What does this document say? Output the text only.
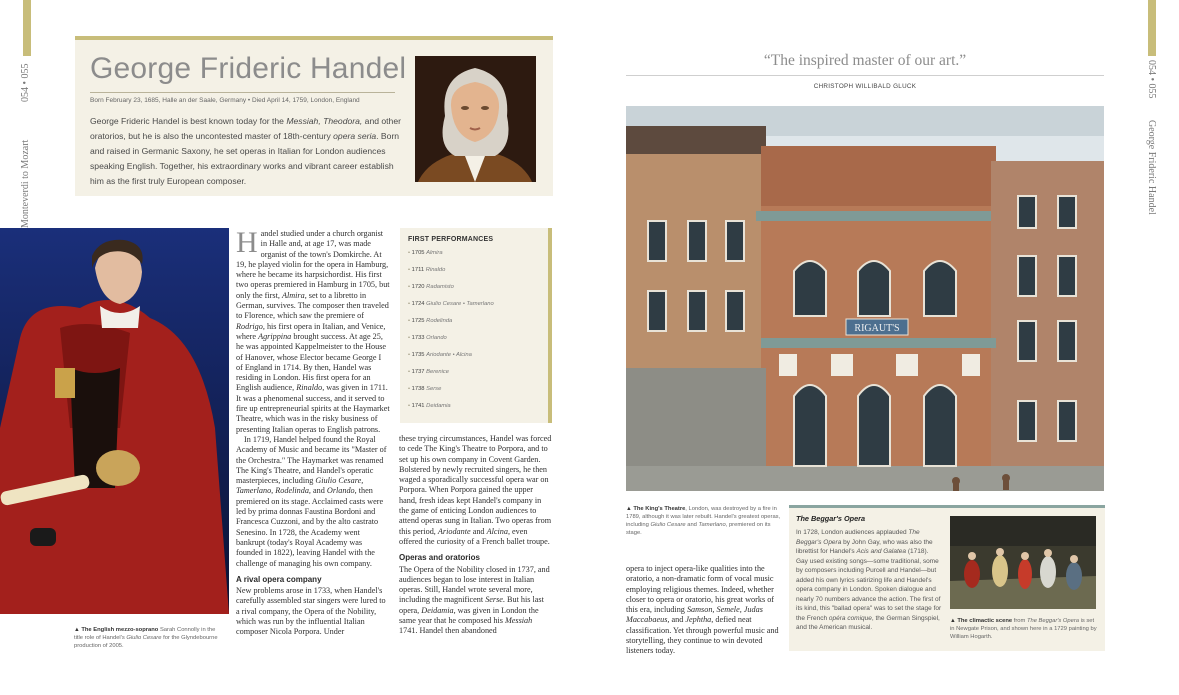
054 • 055
Monteverdi to Mozart
054 • 055
George Frideric Handel
George Frideric Handel
Born February 23, 1685, Halle an der Saale, Germany • Died April 14, 1759, London, England
George Frideric Handel is best known today for the Messiah, Theodora, and other oratorios, but he is also the uncontested master of 18th-century opera seria. Born and raised in Germanic Saxony, he set operas in Italian for London audiences speaking English. Together, his extraordinary works and vibrant career establish him as the first truly European composer.
▲ The English mezzo-soprano Sarah Connolly in the title role of Handel's Giulio Cesare for the Glyndebourne production of 2005.

Handel studied under a church organist in Halle and, at age 17, was made organist of the town's Domkirche. At 19, he played violin for the opera in Hamburg, where he became its harpsichordist. His first two operas premiered in Hamburg in 1705, but only the first, Almira, set to a libretto in German, survives. The composer then traveled to Florence, which saw the premiere of Rodrigo, his first opera in Italian, and Venice, where Agrippina brought success. At age 25, he was appointed Kappelmeister to the House of Hanover, whose Elector became George I of England in 1714. By then, Handel was residing in London. His first opera for an English audience, Rinaldo, was given in 1711. It was a phenomenal success, and it served to fire up entrepreneurial spirits at the Haymarket Theatre, which was in the risky business of presenting Italian operas to English patrons.

In 1719, Handel helped found the Royal Academy of Music and became its "Master of the Orchestra." The Haymarket was renamed The King's Theatre, and Handel's operatic masterpieces, including Giulio Cesare, Tamerlano, Rodelinda, and Orlando, then premiered on its stage. Acclaimed casts were led by prima donnas Faustina Bordoni and Francesca Cuzzoni, and by the alto castrato Senesino. In 1728, the Academy went bankrupt (today's Royal Academy was founded in 1822), leaving Handel with the challenge of managing his own company.

A rival opera company

New problems arose in 1733, when Handel's carefully assembled star singers were lured to a rival company, the Opera of the Nobility, which was run by the influential Italian composer Nicola Porpora. Under

these trying circumstances, Handel was forced to cede The King's Theatre to Porpora, and to set up his own company in Covent Garden. Bolstered by newly recruited singers, he then waged a sporadically successful opera war on Porpora. When Porpora gained the upper hand, fresh ideas kept Handel's company in the game of enticing London audiences to attend operas sung in Italian. Two operas from this period, Ariodante and Alcina, even offered the curiosity of a French ballet troupe.

Operas and oratorios

The Opera of the Nobility closed in 1737, and audiences began to lose interest in Italian operas. Still, Handel wrote several more, including the magnificent Serse. But his last opera, Deidamia, was given in London the same year that he composed his Messiah 1741. Handel then abandoned

opera to inject opera-like qualities into the oratorio, a non-dramatic form of vocal music employing religious themes. Indeed, whether closer to opera or oratorio, his great works of this era, including Samson, Semele, Judas Maccabaeus, and Jephtha, defied neat classification. Yet through powerful music and storytelling, they continue to win devoted listeners today.

FIRST PERFORMANCES
• 1705 Almira
• 1711 Rinaldo
• 1720 Radamisto
• 1724 Giulio Cesare • Tamerlano
• 1725 Rodelinda
• 1733 Orlando
• 1735 Ariodante • Alcina
• 1737 Berenice
• 1738 Serse
• 1741 Deidamia
“The inspired master of our art.”
CHRISTOPH WILLIBALD GLUCK
RIGAUT'S
▲ The King's Theatre, London, was destroyed by a fire in 1789, although it was later rebuilt. Handel's greatest operas, including Giulio Cesare and Tamerlano, premiered on its stage.
The Beggar's Opera
In 1728, London audiences applauded The Beggar's Opera by John Gay, who was also the librettist for Handel's Acis and Galatea (1718). Gay used existing songs—some traditional, some by composers including Purcell and Handel—but added his own lyrics satirizing life and Handel's opera company in London. Spoken dialogue and nearly 70 numbers advance the action. The first of its kind, this "ballad opera" was to set the stage for the French opéra comique, the German Singspiel, and the American musical.
▲ The climactic scene from The Beggar's Opera is set in Newgate Prison, and shown here in a 1729 painting by William Hogarth.
